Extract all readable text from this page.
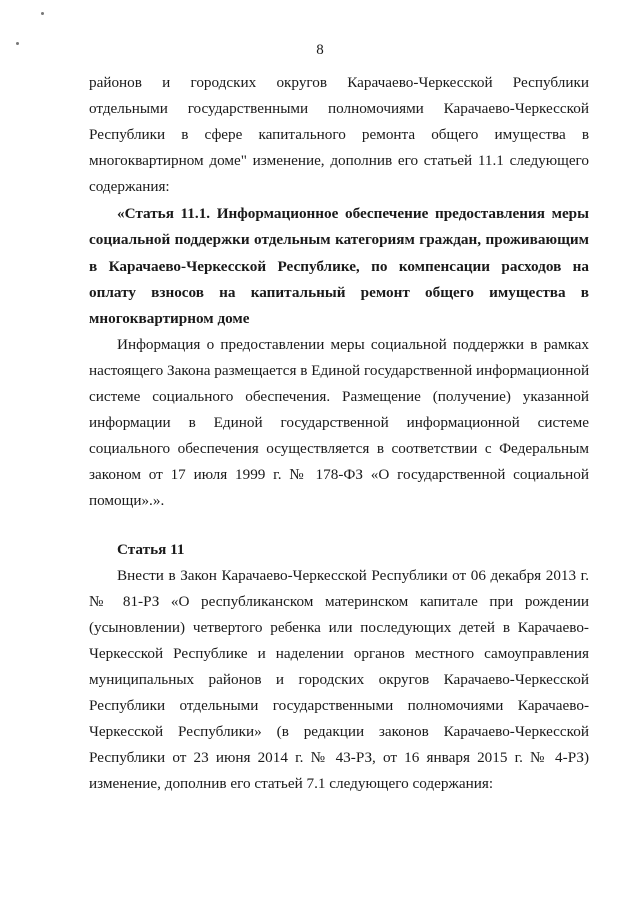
8
районов и городских округов Карачаево-Черкесской Республики
отдельными государственными полномочиями Карачаево-Черкесской
Республики в сфере капитального ремонта общего имущества в
многоквартирном доме" изменение, дополнив его статьей 11.1 следующего
содержания:
«Статья 11.1. Информационное обеспечение предоставления меры
социальной поддержки отдельным категориям граждан, проживающим
в Карачаево-Черкесской Республике, по компенсации расходов на
оплату взносов на капитальный ремонт общего имущества в
многоквартирном доме
Информация о предоставлении меры социальной поддержки в рамках
настоящего Закона размещается в Единой государственной информационной
системе социального обеспечения. Размещение (получение) указанной
информации в Единой государственной информационной системе
социального обеспечения осуществляется в соответствии с Федеральным
законом от 17 июля 1999 г. № 178-ФЗ «О государственной социальной
помощи».».
Статья 11
Внести в Закон Карачаево-Черкесской Республики от 06 декабря 2013 г.
№ 81-РЗ «О республиканском материнском капитале при рождении
(усыновлении) четвертого ребенка или последующих детей в Карачаево-
Черкесской Республике и наделении органов местного самоуправления
муниципальных районов и городских округов Карачаево-Черкесской
Республики отдельными государственными полномочиями Карачаево-
Черкесской Республики» (в редакции законов Карачаево-Черкесской
Республики от 23 июня 2014 г. № 43-РЗ, от 16 января 2015 г. № 4-РЗ)
изменение, дополнив его статьей 7.1 следующего содержания:
